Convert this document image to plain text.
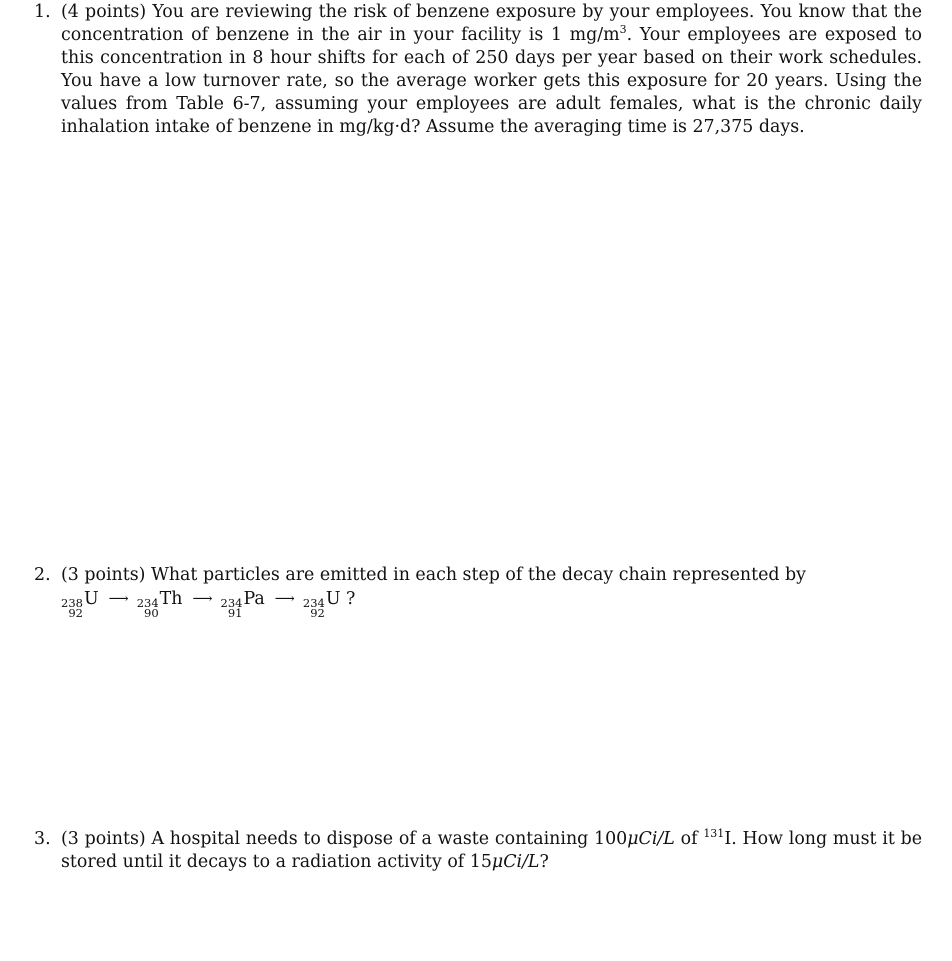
1. (4 points) You are reviewing the risk of benzene exposure by your employees. You know that the concentration of benzene in the air in your facility is 1 $mg/m^3$. Your employees are exposed to this concentration in 8 hour shifts for each of 250 days per year based on their work schedules. You have a low turnover rate, so the average worker gets this exposure for 20 years. Using the values from Table 6-7, assuming your employees are adult females, what is the chronic daily inhalation intake of benzene in mg/kg·d? Assume the averaging time is 27,375 days.
2. (3 points) What particles are emitted in each step of the decay chain represented by
238
92
U ⟶ 234
90
Th ⟶ 234
91
Pa ⟶ 234
92
U ?
3. (3 points) A hospital needs to dispose of a waste containing 100μCi/L of $^{131}$I. How long must it be stored until it decays to a radiation activity of 15μCi/L?
